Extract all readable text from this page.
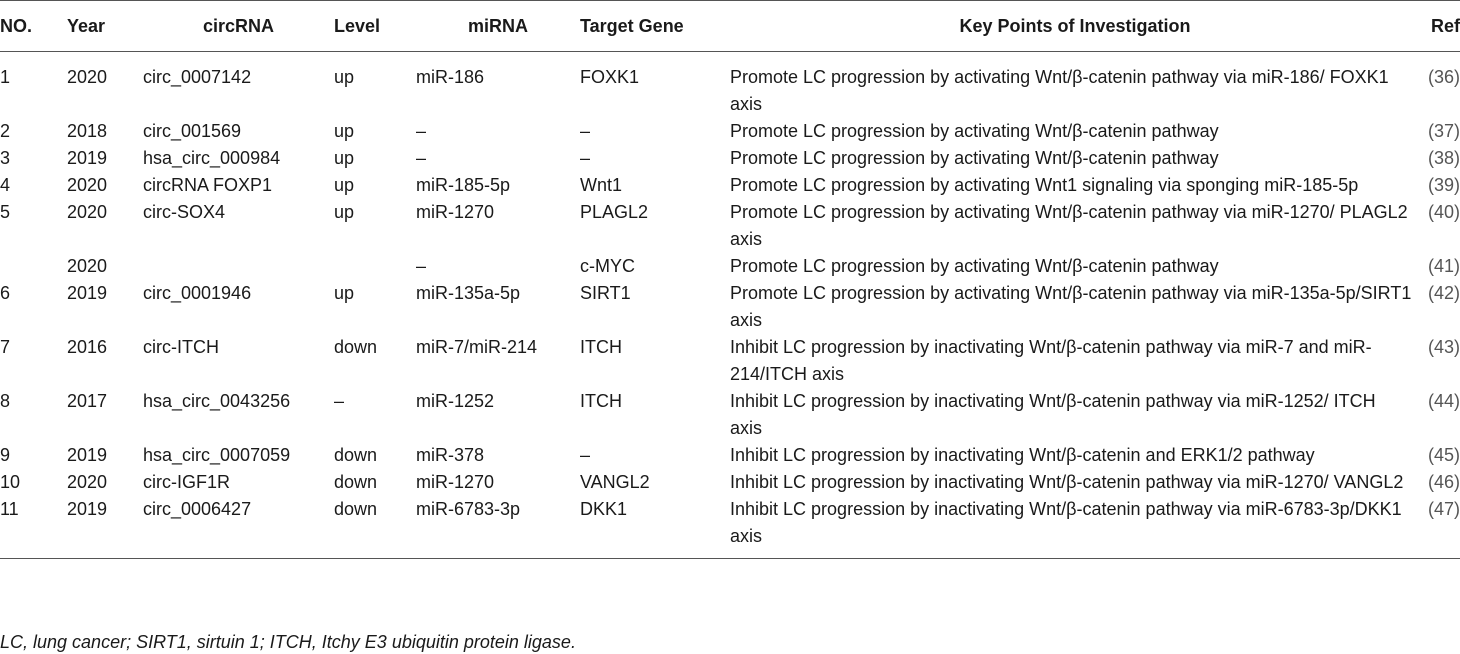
NO.	Year	circRNA	Level	miRNA	Target Gene	Key Points of Investigation	Ref
1	2020	circ_0007142	up	miR-186	FOXK1	Promote LC progression by activating Wnt/β-catenin pathway via miR-186/ FOXK1 axis	(36)
2	2018	circ_001569	up	–	–	Promote LC progression by activating Wnt/β-catenin pathway	(37)
3	2019	hsa_circ_000984	up	–	–	Promote LC progression by activating Wnt/β-catenin pathway	(38)
4	2020	circRNA FOXP1	up	miR-185-5p	Wnt1	Promote LC progression by activating Wnt1 signaling via sponging miR-185-5p	(39)
5	2020	circ-SOX4	up	miR-1270	PLAGL2	Promote LC progression by activating Wnt/β-catenin pathway via miR-1270/ PLAGL2 axis	(40)
	2020			–	c-MYC	Promote LC progression by activating Wnt/β-catenin pathway	(41)
6	2019	circ_0001946	up	miR-135a-5p	SIRT1	Promote LC progression by activating Wnt/β-catenin pathway via miR-135a-5p/SIRT1 axis	(42)
7	2016	circ-ITCH	down	miR-7/miR-214	ITCH	Inhibit LC progression by inactivating Wnt/β-catenin pathway via miR-7 and miR-214/ITCH axis	(43)
8	2017	hsa_circ_0043256	–	miR-1252	ITCH	Inhibit LC progression by inactivating Wnt/β-catenin pathway via miR-1252/ ITCH axis	(44)
9	2019	hsa_circ_0007059	down	miR-378	–	Inhibit LC progression by inactivating Wnt/β-catenin and ERK1/2 pathway	(45)
10	2020	circ-IGF1R	down	miR-1270	VANGL2	Inhibit LC progression by inactivating Wnt/β-catenin pathway via miR-1270/ VANGL2	(46)
11	2019	circ_0006427	down	miR-6783-3p	DKK1	Inhibit LC progression by inactivating Wnt/β-catenin pathway via miR-6783-3p/DKK1 axis	(47)
LC, lung cancer; SIRT1, sirtuin 1; ITCH, Itchy E3 ubiquitin protein ligase.
